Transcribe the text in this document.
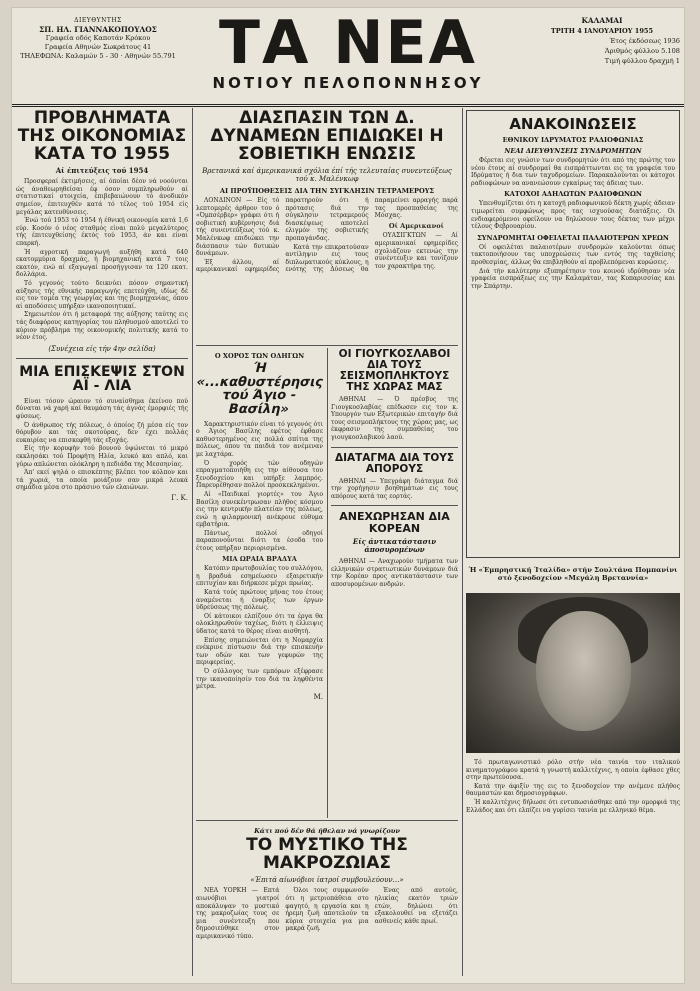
ΔΙΕΥΘΥΝΤΗΣ
ΣΠ. ΗΛ. ΓΙΑΝΝΑΚΟΠΟΥΛΟΣ
Γραφεία οδός Καποτάν Κρόκου
Γραφεία Αθηνών Σωκράτους 41
ΤΗΛΕΦΩΝΑ: Καλαμών 5 - 30 · Αθηνών 55.791 ΤΑ ΝΕΑ
ΝΟΤΙΟΥ ΠΕΛΟΠΟΝΝΗΣΟΥ
ΚΑΛΑΜΑΙ
ΤΡΙΤΗ 4 ΙΑΝΟΥΑΡΙΟΥ 1955
Έτος έκδόσεως 1936
Άριθμός φύλλου 5.108
Τιμή φύλλου δραχμή 1
ΠΡΟΒΛΗΜΑΤΑ ΤΗΣ ΟΙΚΟΝΟΜΙΑΣ ΚΑΤΑ ΤΟ 1955
Αί έπιτεύξεις τού 1954

Προσφεραί έκτιμήσεις, αί όποίαι δέον νά νοούνται ώς άναθεωρηθείσαι έφ όσον συμπληρωθούν αί στατιστικαί στοιχεία, έπιβεβαιώνουν τό άνοδικόν σημείον, έπιτευχθέν κατά τό τέλος τού 1954 είς μεγάλας κατευθύνσεις.

Ένώ τού 1953 τό 1954 ή έθνική οικονομία κατά 1,6 εύρ. Κοσόν ό νέος σταθμός είναι πολύ μεγαλύτερος τής έπιτευχθείσης έκτός τού 1953, άν και είναι επαρκή.

Ή αγροτική παραγωγή αυξήθη κατά 640 εκατομμύρια δραχμάς, ή βιομηχανική κατά 7 τοις εκατόν, ενώ αί εξαγωγαί προσήγγισαν τα 120 εκατ. δολλάρια.

Τό γεγονός τούτο δεικνύει πόσον σημαντική αύξησις τής εθνικής παραγωγής επετεύχθη, ιδίως δέ εις τον τομέα της γεωργίας και της βιομηχανίας, όπου αί αποδόσεις υπήρξαν ικανοποιητικαί.

Σημειωτέον ότι ή μεταφορά της αύξησης ταύτης εις τάς διαφόρους κατηγορίας του πληθυσμού αποτελεί το κύριον πρόβλημα της οικονομικής πολιτικής κατά το νέον έτος.

(Συνέχεια είς τήν 4ην σελίδα)
ΜΙΑ ΕΠΙΣΚΕΨΙΣ ΣΤΟΝ ΑΪ - ΛΙΑ

Είναι τόσον ώραιον τό συναίσθημα έκείνου πού δύναται νά χαρή καί θαυμάση τάς άγνάς έμορφιές τής φύσεως.

Ό άνθρωπος τής πόλεως, ό όποίος ζή μέσα είς τον θόρυβον και τάς σκοτούρας, δεν έχει πολλάς ευκαιρίας να επισκεφθή τάς εξοχάς.

Είς τήν κορυφήν τού βουνού ύψώνεται τό μικρό εκκλησάκι τού Προφήτη Ηλία, λευκό και απλό, και γύρω απλώνεται ολόκληρη η πεδιάδα της Μεσσηνίας.

Άπ' εκεί ψηλά ο επισκέπτης βλέπει τον κόλπον και τά χωριά, τα οποία μοιάζουν σαν μικρά λευκά σημάδια μέσα στο πράσινο τών ελαιώνων.

Γ. Κ.
ΔΙΑΣΠΑΣΙΝ ΤΩΝ Δ. ΔΥΝΑΜΕΩΝ ΕΠΙΔΙΩΚΕΙ Η ΣΟΒΙΕΤΙΚΗ ΕΝΩΣΙΣ
Βρετανικά καί άμερικανικά σχόλια έπί τής τελευταίας συνεντεύξεως τού κ. Μαλένκωφ
ΑΙ ΠΡΟΫΠΟΘΕΣΕΙΣ ΔΙΑ ΤΗΝ ΣΥΓΚΛΗΣΙΝ ΤΕΤΡΑΜΕΡΟΥΣ

ΛΟΝΔΙΝΟΝ — Είς τό λεπτομερές άρθρον του ό «Όμπσέρβερ» γράφει ότι ή σοβιετική κυβέρνησις διά τής συνεντεύξεως τού κ. Μαλένκωφ επιδιώκει την διάσπασιν τών δυτικών δυνάμεων.

Έξ άλλου, αί αμερικανικαί εφημερίδες παρατηρούν ότι ή πρότασις διά την σύγκλησιν τετραμερούς διασκέψεως αποτελεί ελιγμόν της σοβιετικής προπαγάνδας.

Κατά την επικρατούσαν αντίληψιν εις τους διπλωματικούς κύκλους, η ενότης της Δύσεως θα παραμείνει αρραγής παρά τας προσπαθείας της Μόσχας.

Οί Αμερικανοί

ΟΥΑΣΙΓΚΤΩΝ — Αί αμερικανικαί εφημερίδες σχολιάζουν εκτενώς την συνέντευξιν και τονίζουν τον χαρακτήρα της.

Ο ΧΟΡΟΣ ΤΩΝ ΟΔΗΓΩΝ
Ή «...καθυστέρησις τού Άγιο - Βασίλη»

Χαρακτηριστικόν είναι τό γεγονός ότι ο Άγιος Βασίλης εφέτος έφθασε καθυστερημένος εις πολλά σπίτια της πόλεως, όπου τα παιδιά τον ανέμεναν με λαχτάρα.

Ό χορός τών οδηγών επραγματοποιήθη εις την αίθουσα του ξενοδοχείου και υπήρξε λαμπρός. Παρευρέθησαν πολλοί προσκεκλημένοι.

Αί «Παιδικαί γιορτές» του Άγιο Βασίλη συνεκέντρωσαν πλήθος κόσμου εις την κεντρικήν πλατείαν της πόλεως, ενώ η φιλαρμονική ανέκρουε εύθυμα εμβατήρια.

Πάντως, πολλοί οδηγοί παραπονούνται διότι τα έσοδα του έτους υπήρξαν περιορισμένα.

ΜΙΑ ΩΡΑΙΑ ΒΡΑΔΥΑ

Κατόπιν πρωτοβουλίας του συλλόγου, η βραδυά εσημείωσεν εξαιρετικήν επιτυχίαν και διήρκεσε μέχρι πρωίας.

Κατά τούς πρώτους μήνας του έτους αναμένεται ή έναρξις των έργων ύδρεύσεως της πόλεως.

Οί κάτοικοι ελπίζουν ότι τα έργα θα ολοκληρωθούν ταχέως, διότι η έλλειψις ύδατος κατά το θέρος είναι αισθητή.

Επίσης σημειώνεται ότι η Νομαρχία ενέκρινε πίστωσιν διά την επισκευήν των οδών και των γεφυρών της περιφερείας.

Ό σύλλογος των εμπόρων εξέφρασε την ικανοποίησίν του διά τα ληφθέντα μέτρα.

Μ.
ΟΙ ΓΙΟΥΓΚΟΣΛΑΒΟΙ ΔΙΑ ΤΟΥΣ ΣΕΙΣΜΟΠΛΗΚΤΟΥΣ ΤΗΣ ΧΩΡΑΣ ΜΑΣ

ΑΘΗΝΑΙ — Ό πρέσβυς της Γιουγκοσλαβίας επέδωσεν εις τον κ. Υπουργόν των Εξωτερικών επιταγήν διά τους σεισμοπλήκτους της χώρας μας, ως έκφρασιν της συμπαθείας του γιουγκοσλαβικού λαού.

ΔΙΑΤΑΓΜΑ ΔΙΑ ΤΟΥΣ ΑΠΟΡΟΥΣ

ΑΘΗΝΑΙ — Υπεγράφη διάταγμα διά την χορήγησιν βοηθημάτων εις τους απόρους κατά τας εορτάς.

ΑΝΕΧΩΡΗΣΑΝ ΔΙΑ ΚΟΡΕΑΝ
Είς άντικατάστασιν άποσυρομένων

ΑΘΗΝΑΙ — Αναχωρούν τμήματα των ελληνικών στρατιωτικών δυνάμεων διά την Κορέαν προς αντικατάστασιν των αποσυρομένων ανδρών.

Κάτι πού δέν θά ήθελαν νά γνωρίζουν
ΤΟ ΜΥΣΤΙΚΟ ΤΗΣ ΜΑΚΡΟΖΩΙΑΣ
«Έπιτά αίωνόβιοι ίατροί συμβουλεύουν...»

ΝΕΑ ΥΟΡΚΗ — Επτά αιωνόβιοι γιατροί αποκάλυψαν το μυστικό της μακροζωίας τους σε μια συνέντευξη που δημοσιεύθηκε στον αμερικανικό τύπο.

Όλοι τους συμφωνούν ότι η μετριοπάθεια στο φαγητό, η εργασία και η ήρεμη ζωή αποτελούν τα κύρια στοιχεία για μια μακρά ζωή.

Ένας από αυτούς, ηλικίας εκατόν τριών ετών, δηλώνει ότι εξακολουθεί να εξετάζει ασθενείς κάθε πρωί.

ΑΝΑΚΟΙΝΩΣΕΙΣ
ΕΘΝΙΚΟΥ ΙΔΡΥΜΑΤΟΣ ΡΑΔΙΟΦΩΝΙΑΣ
ΝΕΑΙ ΔΙΕΥΘΥΝΣΕΙΣ ΣΥΝΔΡΟΜΗΤΩΝ

Φέρεται εις γνώσιν των συνδρομητών ότι από της πρώτης του νέου έτους αί συνδρομαί θα εισπράττωνται εις τα γραφεία του Ιδρύματος ή δια των ταχυδρομείων. Παρακαλούνται οι κάτοχοι ραδιοφώνων να ανανεώσουν εγκαίρως τας άδειας των.

ΚΑΤΟΧΟΙ ΑΔΗΛΩΤΩΝ ΡΑΔΙΟΦΩΝΩΝ

Υπενθυμίζεται ότι η κατοχή ραδιοφωνικού δέκτη χωρίς άδειαν τιμωρείται συμφώνως προς τας ισχυούσας διατάξεις. Οι ενδιαφερόμενοι οφείλουν να δηλώσουν τους δέκτας των μέχρι τέλους Φεβρουαρίου.

ΣΥΝΔΡΟΜΗΤΑΙ ΟΦΕΙΛΕΤΑΙ ΠΑΛΑΙΟΤΕΡΩΝ ΧΡΕΩΝ

Οί οφειλέται παλαιοτέρων συνδρομών καλούνται όπως τακτοποιήσουν τας υποχρεώσεις των εντός της ταχθείσης προθεσμίας, άλλως θα επιβληθούν αί προβλεπόμεναι κυρώσεις.

Διά τήν καλύτερην εξυπηρέτησιν του κοινού ιδρύθησαν νέα γραφεία εισπράξεως εις την Καλαμάταν, τας Κυπαρισσίας και την Σπάρτην.

Ή «Έμπρηστική Ίταλίδα» στήν Σουλτάνα Πομπανίνι στό ξενοδοχείον «Μεγάλη Βρεταννία»

Τό πρωταγωνιστικό ρόλο στήν νέα ταινία του ιταλικού κινηματογράφου κρατά η γνωστή καλλιτέχνις, η οποία έφθασε χθες στην πρωτεύουσα.

Κατά την άφιξίν της εις το ξενοδοχείον την ανέμενε πλήθος θαυμαστών και δημοσιογράφων.

Ή καλλιτέχνις δήλωσε ότι εντυπωσιάσθηκε από την ομορφιά της Ελλάδος και ότι ελπίζει να γυρίσει ταινία με ελληνικό θέμα.
